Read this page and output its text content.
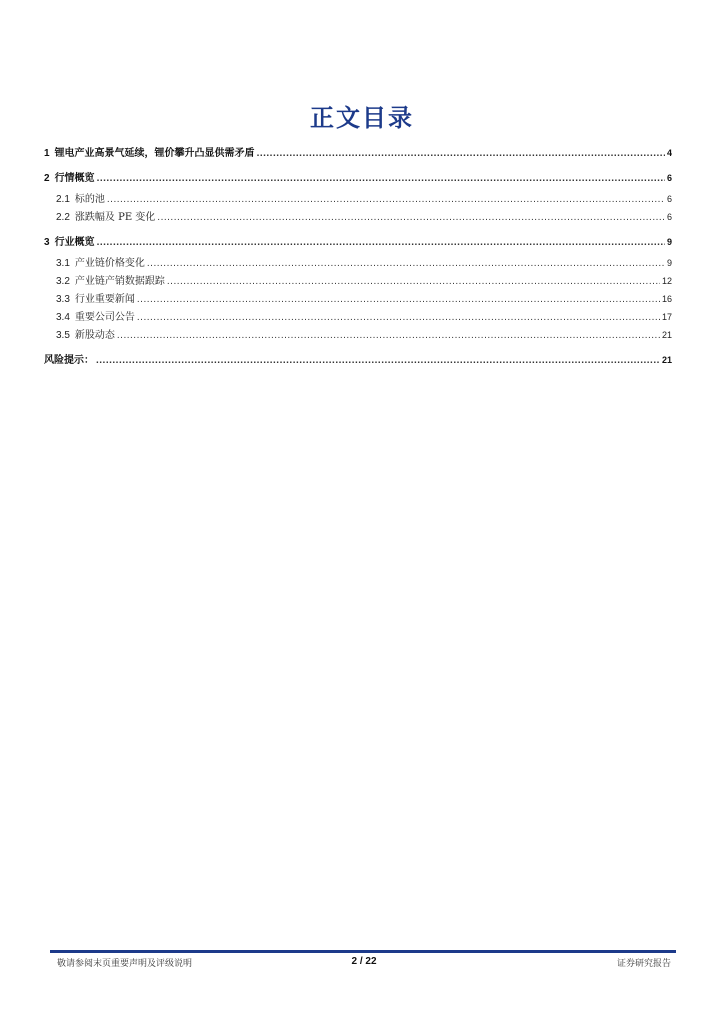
正文目录
1 锂电产业高景气延续，锂价攀升凸显供需矛盾 .....	4
2 行情概览 .....	6
2.1 标的池 .....	6
2.2 涨跌幅及 PE 变化 .....	6
3 行业概览 .....	9
3.1 产业链价格变化 .....	9
3.2 产业链产销数据跟踪 .....	12
3.3 行业重要新闻 .....	16
3.4 重要公司公告 .....	17
3.5 新股动态 .....	21
风险提示： .....	21
敬请参阅末页重要声明及评级说明	2 / 22	证券研究报告
